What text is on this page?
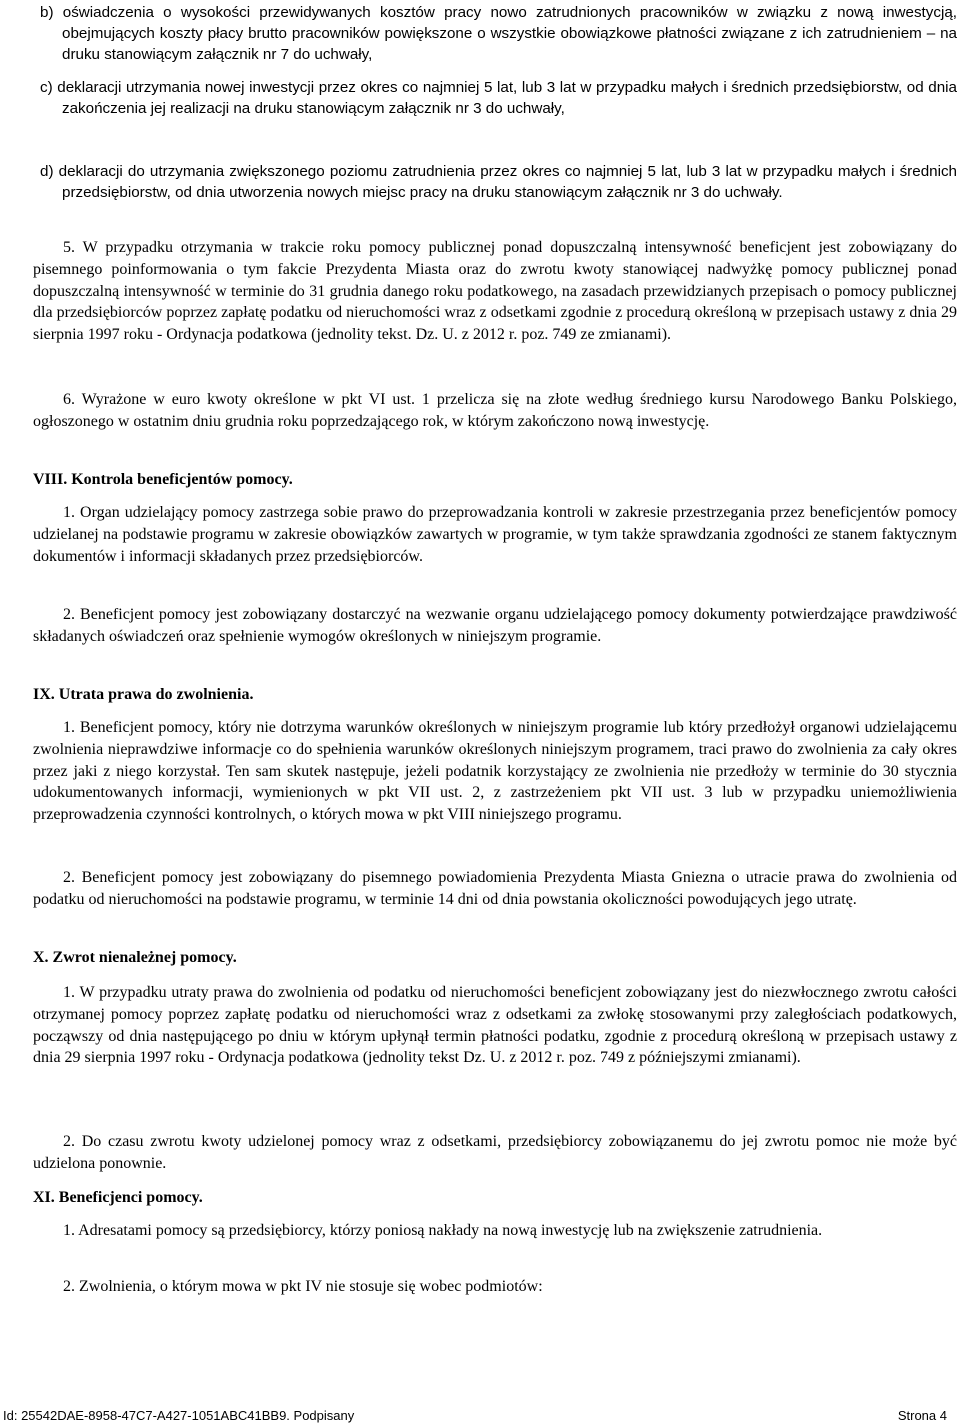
b) oświadczenia o wysokości przewidywanych kosztów pracy nowo zatrudnionych pracowników w związku z nową inwestycją, obejmujących koszty płacy brutto pracowników powiększone o wszystkie obowiązkowe płatności związane z ich zatrudnieniem – na druku stanowiącym załącznik nr 7 do uchwały,
c) deklaracji utrzymania nowej inwestycji przez okres co najmniej 5 lat, lub 3 lat w przypadku małych i średnich przedsiębiorstw, od dnia zakończenia jej realizacji na druku stanowiącym załącznik nr 3 do uchwały,
d) deklaracji do utrzymania zwiększonego poziomu zatrudnienia przez okres co najmniej 5 lat, lub 3 lat w przypadku małych i średnich przedsiębiorstw, od dnia utworzenia nowych miejsc pracy na druku stanowiącym załącznik nr 3 do uchwały.
5. W przypadku otrzymania w trakcie roku pomocy publicznej ponad dopuszczalną intensywność beneficjent jest zobowiązany do pisemnego poinformowania o tym fakcie Prezydenta Miasta oraz do zwrotu kwoty stanowiącej nadwyżkę pomocy publicznej ponad dopuszczalną intensywność w terminie do 31 grudnia danego roku podatkowego, na zasadach przewidzianych przepisach o pomocy publicznej dla przedsiębiorców poprzez zapłatę podatku od nieruchomości wraz z odsetkami zgodnie z procedurą określoną w przepisach ustawy z dnia 29 sierpnia 1997 roku - Ordynacja podatkowa (jednolity tekst. Dz. U. z 2012 r. poz. 749 ze zmianami).
6. Wyrażone w euro kwoty określone w pkt VI ust. 1 przelicza się na złote według średniego kursu Narodowego Banku Polskiego, ogłoszonego w ostatnim dniu grudnia roku poprzedzającego rok, w którym zakończono nową inwestycję.
VIII. Kontrola beneficjentów pomocy.
1. Organ udzielający pomocy zastrzega sobie prawo do przeprowadzania kontroli w zakresie przestrzegania przez beneficjentów pomocy udzielanej na podstawie programu w zakresie obowiązków zawartych w programie, w tym także sprawdzania zgodności ze stanem faktycznym dokumentów i informacji składanych przez przedsiębiorców.
2. Beneficjent pomocy jest zobowiązany dostarczyć na wezwanie organu udzielającego pomocy dokumenty potwierdzające prawdziwość składanych oświadczeń oraz spełnienie wymogów określonych w niniejszym programie.
IX. Utrata prawa do zwolnienia.
1. Beneficjent pomocy, który nie dotrzyma warunków określonych w niniejszym programie lub który przedłożył organowi udzielającemu zwolnienia nieprawdziwe informacje co do spełnienia warunków określonych niniejszym programem, traci prawo do zwolnienia za cały okres przez jaki z niego korzystał. Ten sam skutek następuje, jeżeli podatnik korzystający ze zwolnienia nie przedłoży w terminie do 30 stycznia udokumentowanych informacji, wymienionych w pkt VII ust. 2, z zastrzeżeniem pkt VII ust. 3 lub w przypadku uniemożliwienia przeprowadzenia czynności kontrolnych, o których mowa w pkt VIII niniejszego programu.
2. Beneficjent pomocy jest zobowiązany do pisemnego powiadomienia Prezydenta Miasta Gniezna o utracie prawa do zwolnienia od podatku od nieruchomości na podstawie programu, w terminie 14 dni od dnia powstania okoliczności powodujących jego utratę.
X. Zwrot nienależnej pomocy.
1. W przypadku utraty prawa do zwolnienia od podatku od nieruchomości beneficjent zobowiązany jest do niezwłocznego zwrotu całości otrzymanej pomocy poprzez zapłatę podatku od nieruchomości wraz z odsetkami za zwłokę stosowanymi przy zaległościach podatkowych, począwszy od dnia następującego po dniu w którym upłynął termin płatności podatku, zgodnie z procedurą określoną w przepisach ustawy z dnia 29 sierpnia 1997 roku - Ordynacja podatkowa (jednolity tekst Dz. U. z 2012 r. poz. 749 z późniejszymi zmianami).
2. Do czasu zwrotu kwoty udzielonej pomocy wraz z odsetkami, przedsiębiorcy zobowiązanemu do jej zwrotu pomoc nie może być udzielona ponownie.
XI. Beneficjenci pomocy.
1. Adresatami pomocy są przedsiębiorcy, którzy poniosą nakłady na nową inwestycję lub na zwiększenie zatrudnienia.
2. Zwolnienia, o którym mowa w pkt IV nie stosuje się wobec podmiotów:
Id: 25542DAE-8958-47C7-A427-1051ABC41BB9. Podpisany	Strona 4
